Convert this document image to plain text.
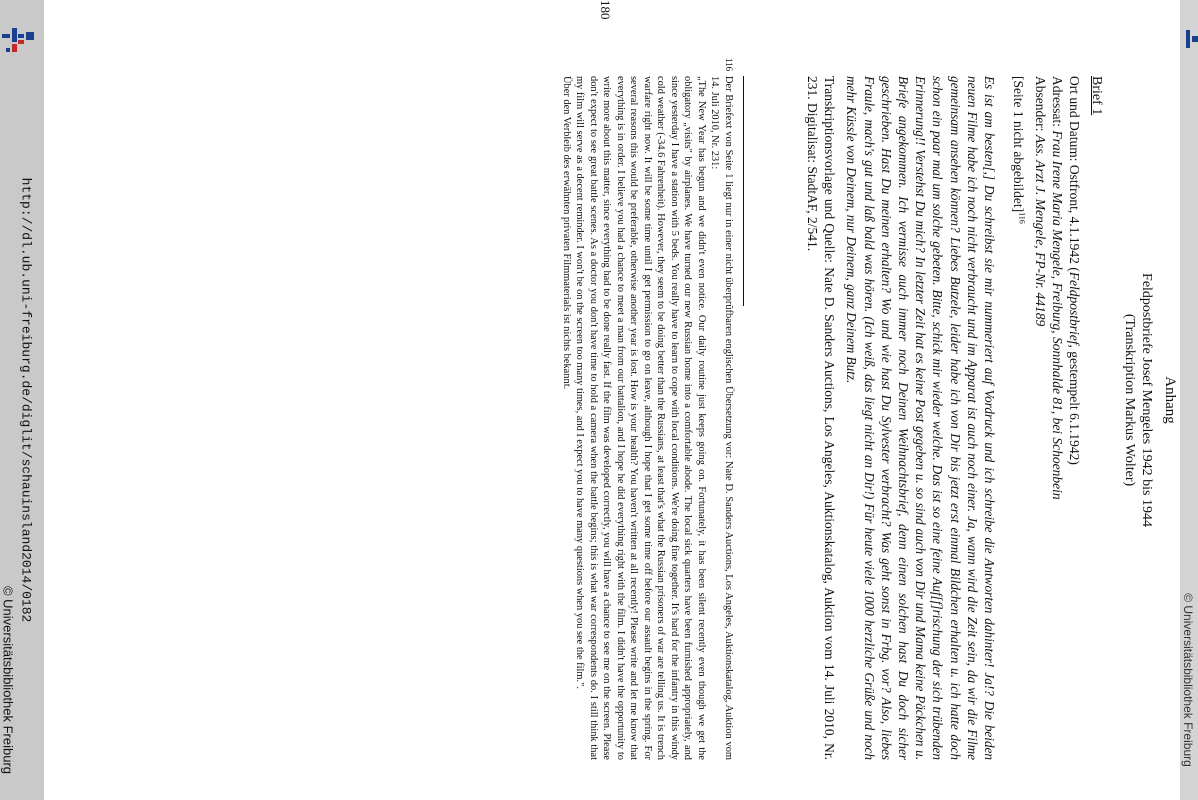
http://dl.ub.uni-freiburg.de/diglit/schauinsland2014/0182
© Universitätsbibliothek Freiburg	© Universitätsbibliothek Freiburg
Anhang
Feldpostbriefe Josef Mengeles 1942 bis 1944
(Transkription Markus Wolter)
Brief 1
Ort und Datum: Ostfront, 4.1.1942 (Feldpostbrief, gestempelt 6.1.1942)
Adressat: Frau Irene Maria Mengele, Freiburg, Sonnhalde 81, bei Schoenbein
Absender: Ass. Arzt J. Mengele, FP-Nr. 44189
[Seite 1 nicht abgebildet]$^{116}$
Es ist am besten[,] Du schreibst sie mir nummeriert auf Vordruck und ich schreibe die Antworten dahinter! Ja!? Die beiden neuen Filme habe ich noch nicht verbraucht und im Apparat ist auch noch einer. Ja, wann wird die Zeit sein, da wir die Filme gemeinsam ansehen können? Liebes Butzele, leider habe ich von Dir bis jetzt erst einmal Bildchen erhalten u. ich hatte doch schon ein paar mal um solche gebeten. Bitte, schick mir wieder welche. Das ist so eine feine Auf[f]rischung der sich trübenden Erinnerung!! Verstehst Du mich? In letzter Zeit hat es keine Post gegeben u. so sind auch von Dir und Mama keine Päckchen u. Briefe angekommen. Ich vermisse auch immer noch Deinen Weihnachtsbrief, denn einen solchen hast Du doch sicher geschrieben. Hast Du meinen erhalten? Wo und wie hast Du Sylvester verbracht? Was geht sonst in Frbg. vor? Also, liebes Fraule, mach's gut und laß bald was hören. (Ich weiß, das liegt nicht an Dir!) Für heute viele 1000 herzliche Grüße und noch mehr Küssle von Deinem, nur Deinem, ganz Deinem Butz.
Transkriptionsvorlage und Quelle: Nate D. Sanders Auctions, Los Angeles, Auktionskatalog, Auktion vom 14. Juli 2010, Nr. 231. Digitalisat: StadtAF, 2/541.
116
Der Briefext von Seite 1 liegt nur in einer nicht überprüfbaren englischen Übersetzung vor: Nate D. Sanders Auctions, Los Angeles, Auktionskatalog, Auktion vom 14. Juli 2010, Nr. 231:
„The New Year has begun and we didn't even notice. Our daily routine just keeps going on. Fortunately, it has been silent recently even though we get the obligatory „visits" by airplanes. We have turned our new Russian home into a comfortable abode. The local sick quarters have been furnished appropriately, and since yesterday I have a station with 5 beds. You really have to learn to cope with local conditions. We're doing fine together. It's hard for the infantry in this windy cold weather (-34.6 Fahrenheit). However, they seem to be doing better than the Russians, at least that's what the Russian prisoners of war are telling us. It is trench warfare right now. It will be some time until I get permission to go on leave, although I hope that I get some time off before our assault begins in the spring. For several reasons this would be preferable, otherwise another year is lost. How is your health? You haven't written at all recently! Please write and let me know that everything is in order. I believe you had a chance to meet a man from our battalion, and I hope he did everything right with the film. I didn't have the opportunity to write more about this matter, since everything had to be done really fast. If the film was developed correctly, you will have a chance to see me on the screen. Please don't expect to see great battle scenes. As a doctor you don't have time to hold a camera when the battle begins; this is what war correspondents do. I still think that my film will serve as a decent reminder. I won't be on the screen too many times, and I expect you to have many questions when you see the film.".
Über den Verbleib des erwähnten privaten Filmmaterials ist nichts bekannt.
180
